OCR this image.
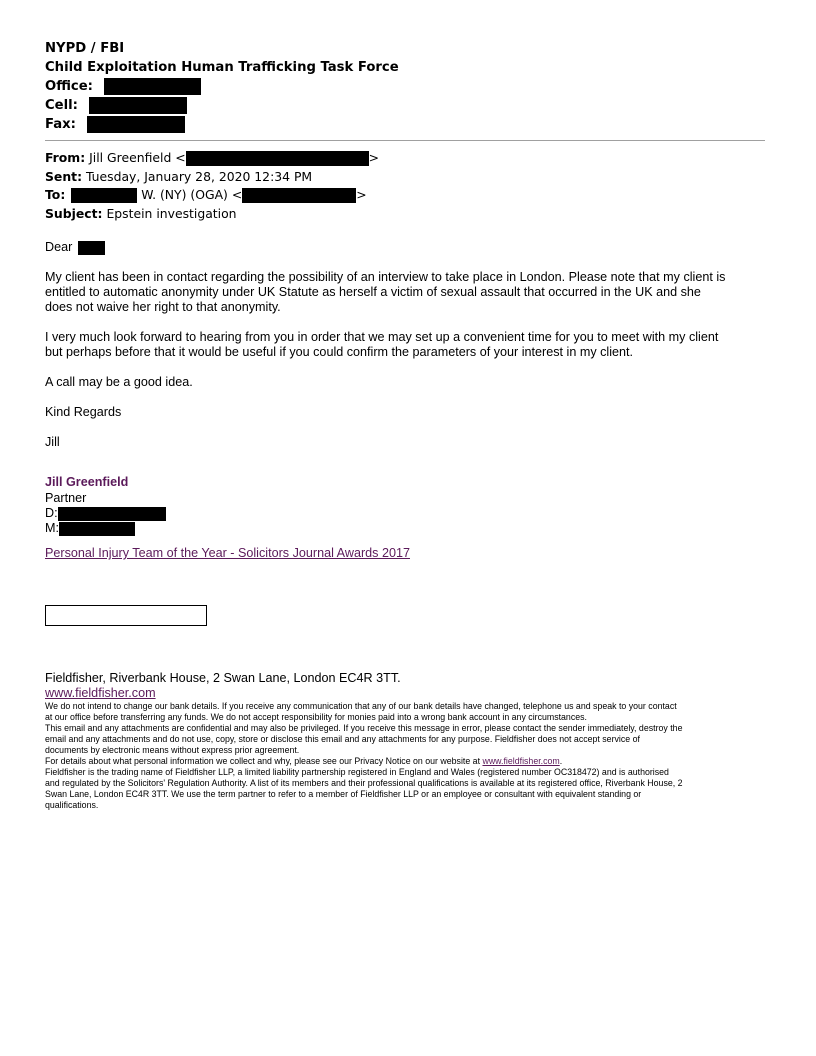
NYPD / FBI
Child Exploitation Human Trafficking Task Force
Office:
Cell:
Fax:
From: Jill Greenfield <	>
Sent: Tuesday, January 28, 2020 12:34 PM
To:	W. (NY) (OGA) <	>
Subject: Epstein investigation
Dear
My client has been in contact regarding the possibility of an interview to take place in London. Please note that my client is
entitled to automatic anonymity under UK Statute as herself a victim of sexual assault that occurred in the UK and she
does not waive her right to that anonymity.
I very much look forward to hearing from you in order that we may set up a convenient time for you to meet with my client
but perhaps before that it would be useful if you could confirm the parameters of your interest in my client.
A call may be a good idea.
Kind Regards
Jill
Jill Greenfield
Partner
D:
M:
Personal Injury Team of the Year - Solicitors Journal Awards 2017
Fieldfisher, Riverbank House, 2 Swan Lane, London EC4R 3TT.
www.fieldfisher.com

We do not intend to change our bank details. If you receive any communication that any of our bank details have changed, telephone us and speak to your contact

at our office before transferring any funds. We do not accept responsibility for monies paid into a wrong bank account in any circumstances.

This email and any attachments are confidential and may also be privileged. If you receive this message in error, please contact the sender immediately, destroy the

email and any attachments and do not use, copy, store or disclose this email and any attachments for any purpose. Fieldfisher does not accept service of

documents by electronic means without express prior agreement.

For details about what personal information we collect and why, please see our Privacy Notice on our website at www.fieldfisher.com.

Fieldfisher is the trading name of Fieldfisher LLP, a limited liability partnership registered in England and Wales (registered number OC318472) and is authorised

and regulated by the Solicitors' Regulation Authority. A list of its members and their professional qualifications is available at its registered office, Riverbank House, 2

Swan Lane, London EC4R 3TT. We use the term partner to refer to a member of Fieldfisher LLP or an employee or consultant with equivalent standing or

qualifications.
